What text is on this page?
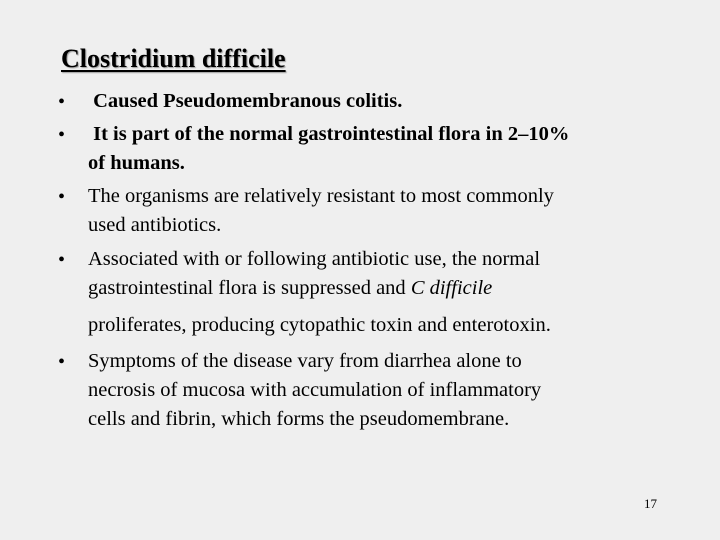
Clostridium difficile
• Caused Pseudomembranous colitis.
• It is part of the normal gastrointestinal flora in 2–10%
of humans.
• The organisms are relatively resistant to most commonly
used antibiotics.
• Associated with or following antibiotic use, the normal
gastrointestinal flora is suppressed and C difficile
proliferates, producing cytopathic toxin and enterotoxin.
• Symptoms of the disease vary from diarrhea alone to
necrosis of mucosa with accumulation of inflammatory
cells and fibrin, which forms the pseudomembrane.
17
